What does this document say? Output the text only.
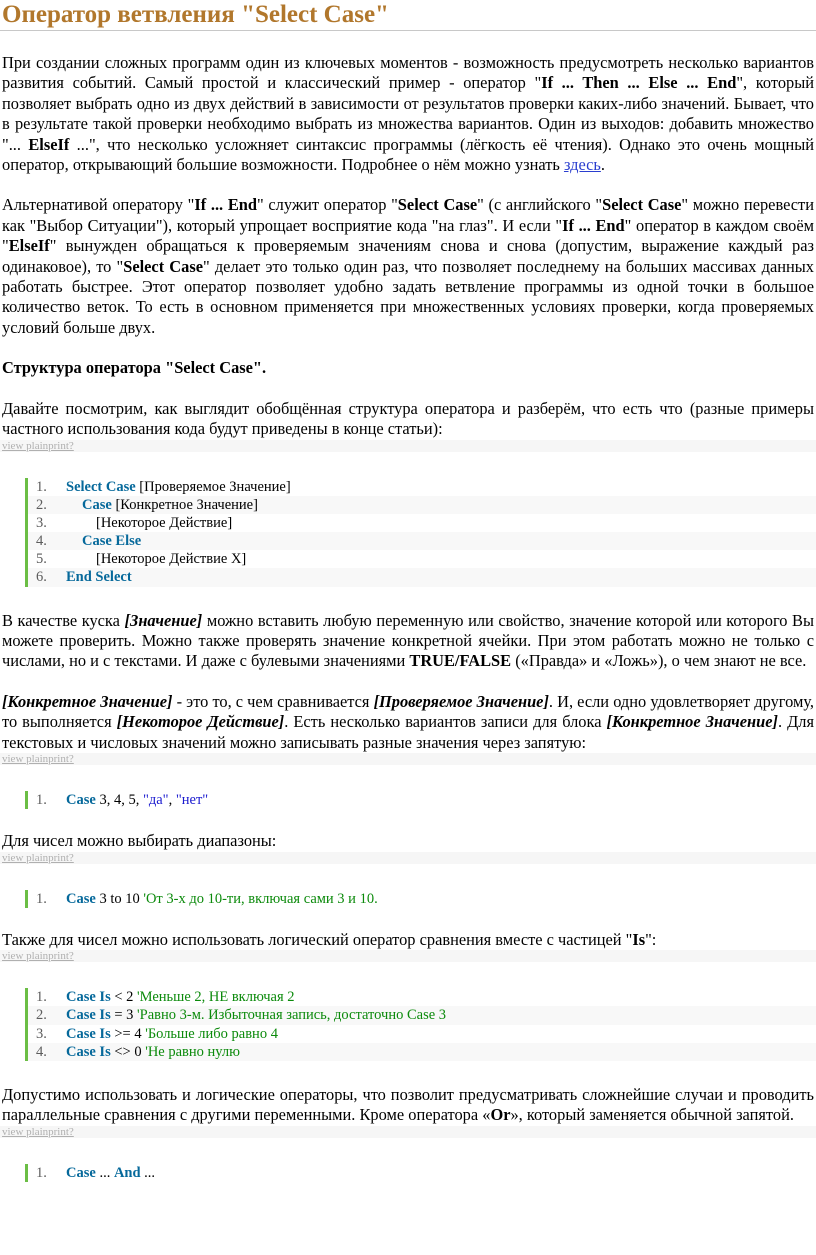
Оператор ветвления "Select Case"

При создании сложных программ один из ключевых моментов - возможность предусмотреть несколько вариантов развития событий. Самый простой и классический пример - оператор "If ... Then ... Else ... End", который позволяет выбрать одно из двух действий в зависимости от результатов проверки каких-либо значений. Бывает, что в результате такой проверки необходимо выбрать из множества вариантов. Один из выходов: добавить множество "... ElseIf ...", что несколько усложняет синтаксис программы (лёгкость её чтения). Однако это очень мощный оператор, открывающий большие возможности. Подробнее о нём можно узнать здесь.

Альтернативой оператору "If ... End" служит оператор "Select Case" (с английского "Select Case" можно перевести как "Выбор Ситуации"), который упрощает восприятие кода "на глаз". И если "If ... End" оператор в каждом своём "ElseIf" вынужден обращаться к проверяемым значениям снова и снова (допустим, выражение каждый раз одинаковое), то "Select Case" делает это только один раз, что позволяет последнему на больших массивах данных работать быстрее. Этот оператор позволяет удобно задать ветвление программы из одной точки в большое количество веток. То есть в основном применяется при множественных условиях проверки, когда проверяемых условий больше двух.

Структура оператора "Select Case".

Давайте посмотрим, как выглядит обобщённая структура оператора и разберём, что есть что (разные примеры частного использования кода будут приведены в конце статьи):

view plainprint?
1. Select Case [Проверяемое Значение]
2. Case [Конкретное Значение]
3.	[Некоторое Действие]
4. Case Else
5.	[Некоторое Действие X]
6. End Select

В качестве куска [Значение] можно вставить любую переменную или свойство, значение которой или которого Вы можете проверить. Можно также проверять значение конкретной ячейки. При этом работать можно не только с числами, но и с текстами. И даже с булевыми значениями TRUE/FALSE («Правда» и «Ложь»), о чем знают не все.

[Конкретное Значение] - это то, с чем сравнивается [Проверяемое Значение]. И, если одно удовлетворяет другому, то выполняется [Некоторое Действие]. Есть несколько вариантов записи для блока [Конкретное Значение]. Для текстовых и числовых значений можно записывать разные значения через запятую:

view plainprint?
1. Case 3, 4, 5, "да", "нет"

Для чисел можно выбирать диапазоны:

view plainprint?
1. Case 3 to 10 'От 3-х до 10-ти, включая сами 3 и 10.

Также для чисел можно использовать логический оператор сравнения вместе с частицей "Is":

view plainprint?
1. Case Is < 2 'Меньше 2, НЕ включая 2
2. Case Is = 3 'Равно 3-м. Избыточная запись, достаточно Case 3
3. Case Is >= 4 'Больше либо равно 4
4. Case Is <> 0 'Не равно нулю

Допустимо использовать и логические операторы, что позволит предусматривать сложнейшие случаи и проводить параллельные сравнения с другими переменными. Кроме оператора «Or», который заменяется обычной запятой.

view plainprint?
1. Case ... And ...
